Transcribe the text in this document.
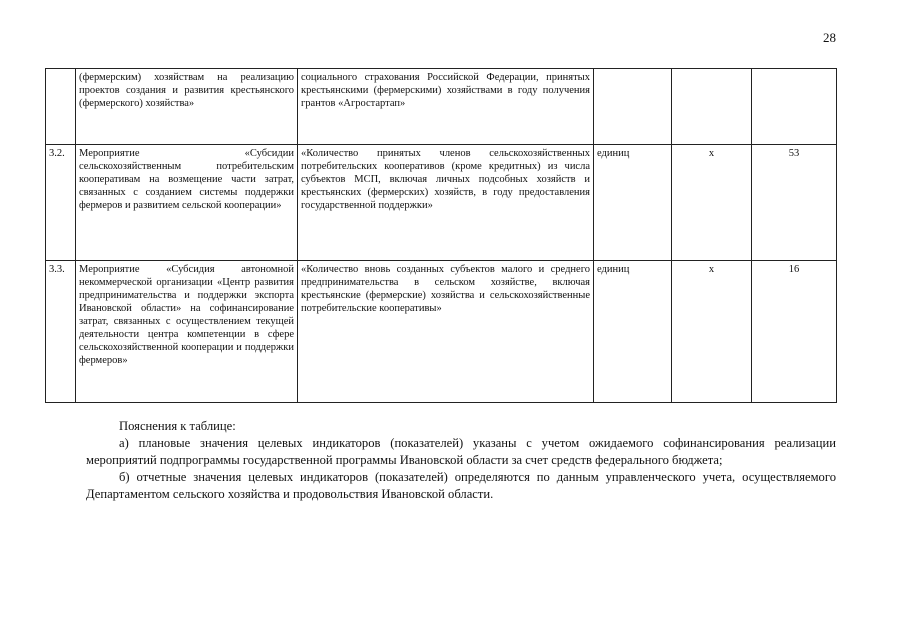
28
	(фермерским) хозяйствам на реализацию проектов создания и развития крестьянского (фермерского) хозяйства»	социального страхования Российской Федерации, принятых крестьянскими (фермерскими) хозяйствами в году получения грантов «Агростартап»			
3.2.	Мероприятие «Субсидии сельскохозяйственным потребительским кооперативам на возмещение части затрат, связанных с созданием системы поддержки фермеров и развитием сельской кооперации»	«Количество принятых членов сельскохозяйственных потребительских кооперативов (кроме кредитных) из числа субъектов МСП, включая личных подсобных хозяйств и крестьянских (фермерских) хозяйств, в году предоставления государственной поддержки»	единиц	х	53
3.3.	Мероприятие «Субсидия автономной некоммерческой организации «Центр развития предпринимательства и поддержки экспорта Ивановской области» на софинансирование затрат, связанных с осуществлением текущей деятельности центра компетенции в сфере сельскохозяйственной кооперации и поддержки фермеров»	«Количество вновь созданных субъектов малого и среднего предпринимательства в сельском хозяйстве, включая крестьянские (фермерские) хозяйства и сельскохозяйственные потребительские кооперативы»	единиц	х	16

Пояснения к таблице:

а) плановые значения целевых индикаторов (показателей) указаны с учетом ожидаемого софинансирования реализации мероприятий подпрограммы государственной программы Ивановской области за счет средств федерального бюджета;

б) отчетные значения целевых индикаторов (показателей) определяются по данным управленческого учета, осуществляемого Департаментом сельского хозяйства и продовольствия Ивановской области.
